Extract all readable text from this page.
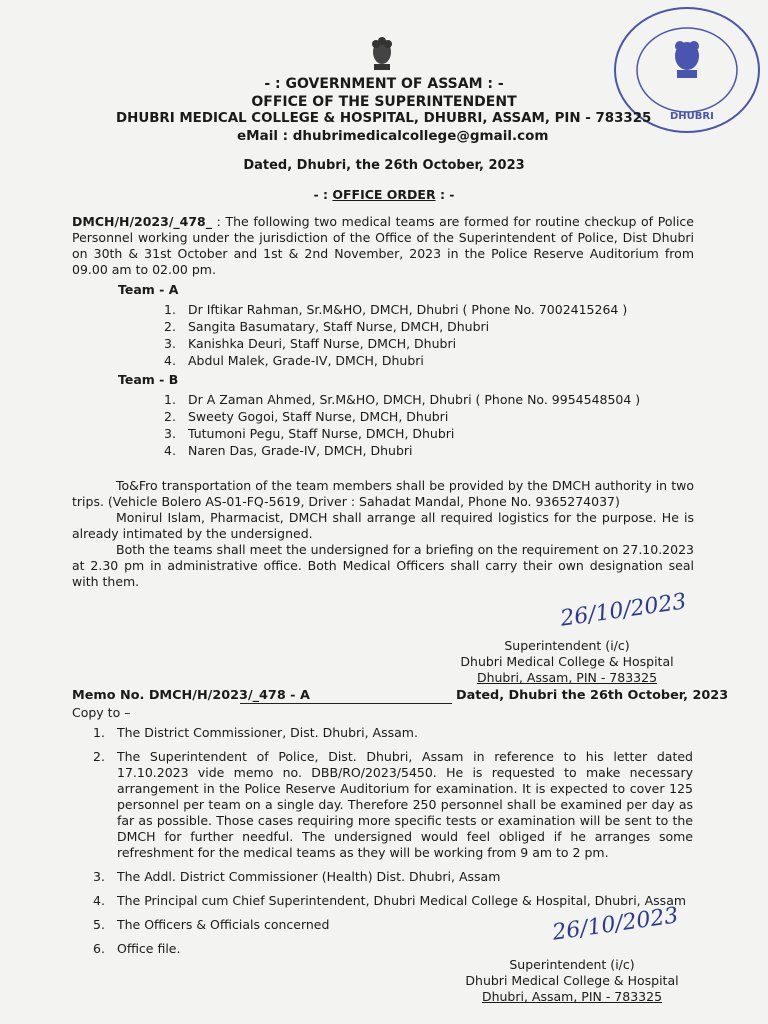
DHUBRI
- : GOVERNMENT OF ASSAM : -
OFFICE OF THE SUPERINTENDENT
DHUBRI MEDICAL COLLEGE & HOSPITAL, DHUBRI, ASSAM, PIN - 783325
eMail : dhubrimedicalcollege@gmail.com
Dated, Dhubri, the 26th October, 2023
- : OFFICE ORDER : -
DMCH/H/2023/_478_ : The following two medical teams are formed for routine checkup of Police Personnel working under the jurisdiction of the Office of the Superintendent of Police, Dist Dhubri on 30th & 31st October and 1st & 2nd November, 2023 in the Police Reserve Auditorium from 09.00 am to 02.00 pm.
Team - A
1. Dr Iftikar Rahman, Sr.M&HO, DMCH, Dhubri ( Phone No. 7002415264 )
2. Sangita Basumatary, Staff Nurse, DMCH, Dhubri
3. Kanishka Deuri, Staff Nurse, DMCH, Dhubri
4. Abdul Malek, Grade-IV, DMCH, Dhubri
Team - B
1. Dr A Zaman Ahmed, Sr.M&HO, DMCH, Dhubri ( Phone No. 9954548504 )
2. Sweety Gogoi, Staff Nurse, DMCH, Dhubri
3. Tutumoni Pegu, Staff Nurse, DMCH, Dhubri
4. Naren Das, Grade-IV, DMCH, Dhubri
To&Fro transportation of the team members shall be provided by the DMCH authority in two trips. (Vehicle Bolero AS-01-FQ-5619, Driver : Sahadat Mandal, Phone No. 9365274037)
Monirul Islam, Pharmacist, DMCH shall arrange all required logistics for the purpose. He is already intimated by the undersigned.
Both the teams shall meet the undersigned for a briefing on the requirement on 27.10.2023 at 2.30 pm in administrative office. Both Medical Officers shall carry their own designation seal with them.
26/10/2023
Superintendent (i/c)
Dhubri Medical College & Hospital
Dhubri, Assam, PIN - 783325
Memo No. DMCH/H/2023/_478 - A	Dated, Dhubri the 26th October, 2023
Copy to –
1. The District Commissioner, Dist. Dhubri, Assam.
2. The Superintendent of Police, Dist. Dhubri, Assam in reference to his letter dated 17.10.2023 vide memo no. DBB/RO/2023/5450. He is requested to make necessary arrangement in the Police Reserve Auditorium for examination. It is expected to cover 125 personnel per team on a single day. Therefore 250 personnel shall be examined per day as far as possible. Those cases requiring more specific tests or examination will be sent to the DMCH for further needful. The undersigned would feel obliged if he arranges some refreshment for the medical teams as they will be working from 9 am to 2 pm.
3. The Addl. District Commissioner (Health) Dist. Dhubri, Assam
4. The Principal cum Chief Superintendent, Dhubri Medical College & Hospital, Dhubri, Assam
5. The Officers & Officials concerned
6. Office file.
26/10/2023
Superintendent (i/c)
Dhubri Medical College & Hospital
Dhubri, Assam, PIN - 783325
